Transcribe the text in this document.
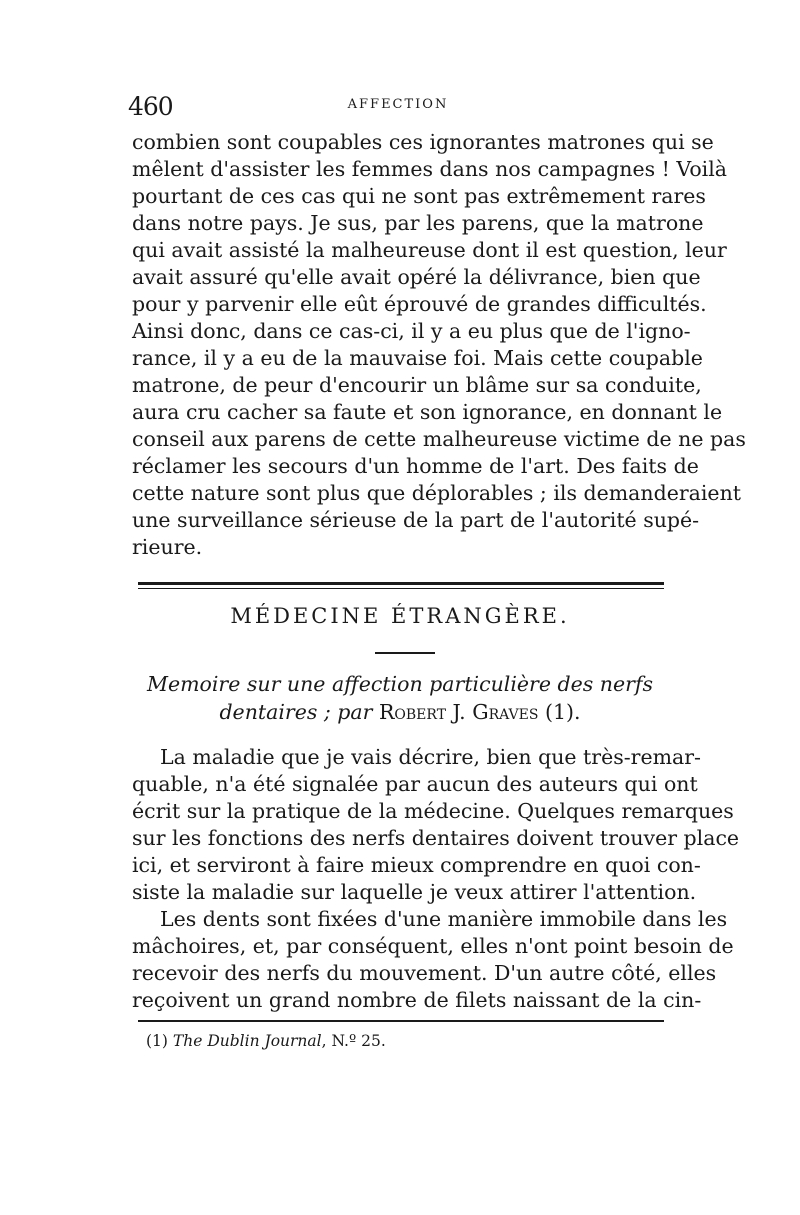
460	AFFECTION
combien sont coupables ces ignorantes matrones qui se
mêlent d'assister les femmes dans nos campagnes ! Voilà
pourtant de ces cas qui ne sont pas extrêmement rares
dans notre pays. Je sus, par les parens, que la matrone
qui avait assisté la malheureuse dont il est question, leur
avait assuré qu'elle avait opéré la délivrance, bien que
pour y parvenir elle eût éprouvé de grandes difficultés.
Ainsi donc, dans ce cas-ci, il y a eu plus que de l'igno-
rance, il y a eu de la mauvaise foi. Mais cette coupable
matrone, de peur d'encourir un blâme sur sa conduite,
aura cru cacher sa faute et son ignorance, en donnant le
conseil aux parens de cette malheureuse victime de ne pas
réclamer les secours d'un homme de l'art. Des faits de
cette nature sont plus que déplorables ; ils demanderaient
une surveillance sérieuse de la part de l'autorité supé-
rieure.
MÉDECINE ÉTRANGÈRE.
Memoire sur une affection particulière des nerfs
dentaires ; par Robert J. Graves (1).
La maladie que je vais décrire, bien que très-remar-
quable, n'a été signalée par aucun des auteurs qui ont
écrit sur la pratique de la médecine. Quelques remarques
sur les fonctions des nerfs dentaires doivent trouver place
ici, et serviront à faire mieux comprendre en quoi con-
siste la maladie sur laquelle je veux attirer l'attention.
Les dents sont fixées d'une manière immobile dans les
mâchoires, et, par conséquent, elles n'ont point besoin de
recevoir des nerfs du mouvement. D'un autre côté, elles
reçoivent un grand nombre de filets naissant de la cin-
(1) The Dublin Journal, N.º 25.
